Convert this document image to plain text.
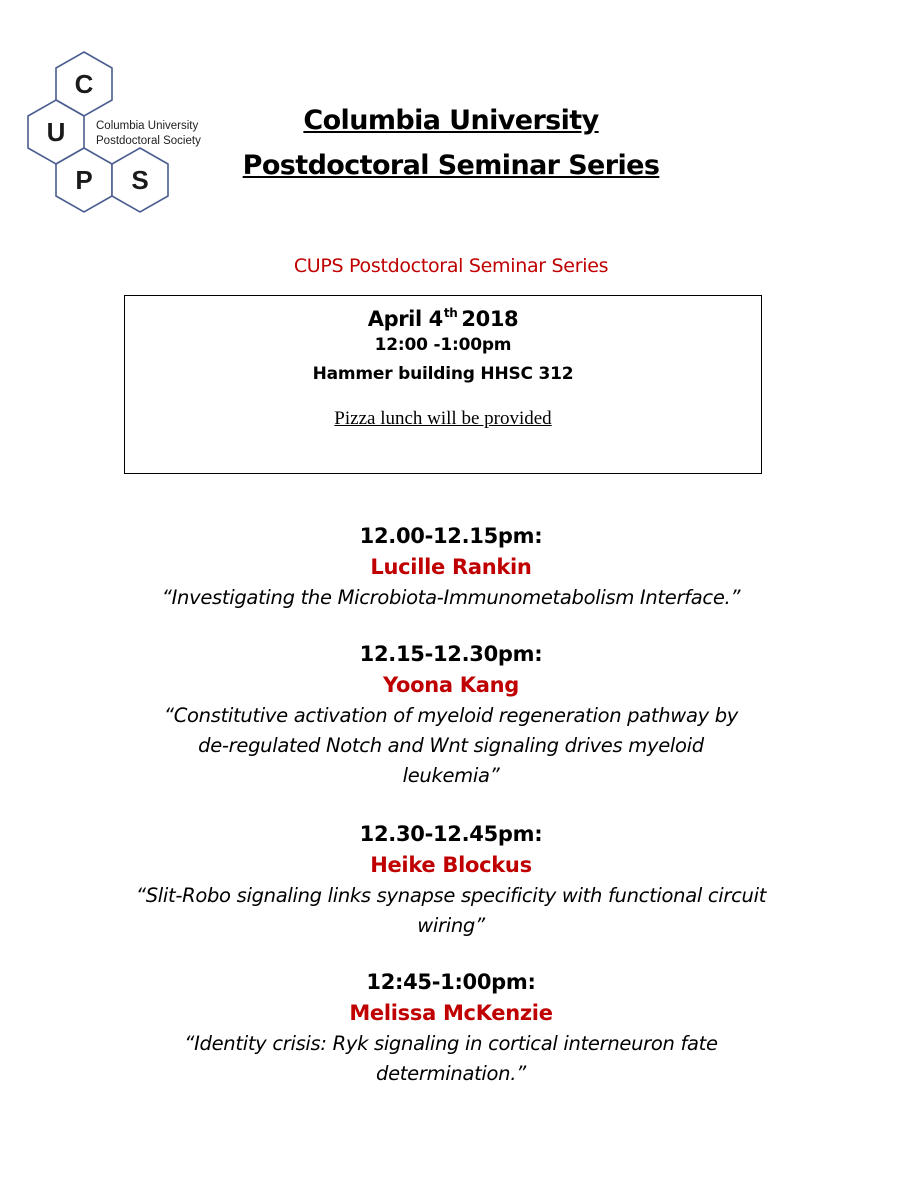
C
U
P S
Columbia University
Postdoctoral Society
Columbia University
Postdoctoral Seminar Series
CUPS Postdoctoral Seminar Series
April 4th 2018
12:00 -1:00pm
Hammer building HHSC 312
Pizza lunch will be provided
12.00-12.15pm:
Lucille Rankin
“Investigating the Microbiota-Immunometabolism Interface.”
12.15-12.30pm:
Yoona Kang
“Constitutive activation of myeloid regeneration pathway by de-regulated Notch and Wnt signaling drives myeloid leukemia”
12.30-12.45pm:
Heike Blockus
“Slit-Robo signaling links synapse specificity with functional circuit wiring”
12:45-1:00pm:
Melissa McKenzie
“Identity crisis: Ryk signaling in cortical interneuron fate determination.”
